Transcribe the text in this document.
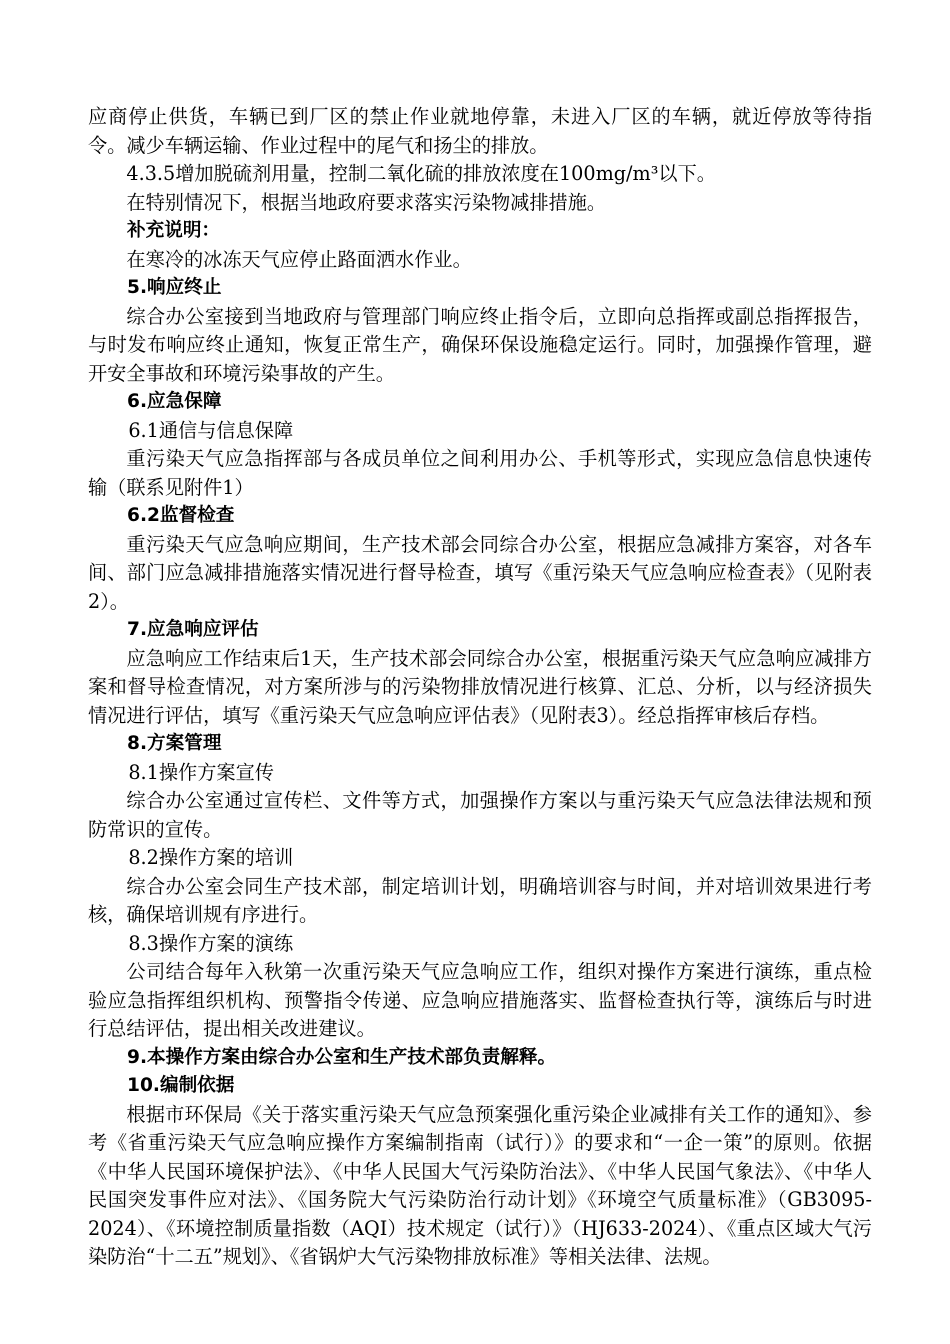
应商停止供货，车辆已到厂区的禁止作业就地停靠，未进入厂区的车辆，就近停放等待指令。减少车辆运输、作业过程中的尾气和扬尘的排放。

4.3.5增加脱硫剂用量，控制二氧化硫的排放浓度在100mg/m³以下。

在特别情况下，根据当地政府要求落实污染物减排措施。

补充说明：

在寒冷的冰冻天气应停止路面洒水作业。

5.响应终止

综合办公室接到当地政府与管理部门响应终止指令后，立即向总指挥或副总指挥报告，与时发布响应终止通知，恢复正常生产，确保环保设施稳定运行。同时，加强操作管理，避开安全事故和环境污染事故的产生。

6.应急保障

6.1通信与信息保障

重污染天气应急指挥部与各成员单位之间利用办公、手机等形式，实现应急信息快速传输（联系见附件1）

6.2监督检查

重污染天气应急响应期间，生产技术部会同综合办公室，根据应急减排方案容，对各车间、部门应急减排措施落实情况进行督导检查，填写《重污染天气应急响应检查表》（见附表2）。

7.应急响应评估

应急响应工作结束后1天，生产技术部会同综合办公室，根据重污染天气应急响应减排方案和督导检查情况，对方案所涉与的污染物排放情况进行核算、汇总、分析，以与经济损失情况进行评估，填写《重污染天气应急响应评估表》（见附表3）。经总指挥审核后存档。

8.方案管理

8.1操作方案宣传

综合办公室通过宣传栏、文件等方式，加强操作方案以与重污染天气应急法律法规和预防常识的宣传。

8.2操作方案的培训

综合办公室会同生产技术部，制定培训计划，明确培训容与时间，并对培训效果进行考核，确保培训规有序进行。

8.3操作方案的演练

公司结合每年入秋第一次重污染天气应急响应工作，组织对操作方案进行演练，重点检验应急指挥组织机构、预警指令传递、应急响应措施落实、监督检查执行等，演练后与时进行总结评估，提出相关改进建议。

9.本操作方案由综合办公室和生产技术部负责解释。

10.编制依据

根据市环保局《关于落实重污染天气应急预案强化重污染企业减排有关工作的通知》、参考《省重污染天气应急响应操作方案编制指南（试行）》的要求和“一企一策”的原则。依据《中华人民国环境保护法》、《中华人民国大气污染防治法》、《中华人民国气象法》、《中华人民国突发事件应对法》、《国务院大气污染防治行动计划》《环境空气质量标准》（GB3095-2024）、《环境控制质量指数（AQI）技术规定（试行）》（HJ633-2024）、《重点区域大气污染防治“十二五”规划》、《省锅炉大气污染物排放标准》等相关法律、法规。
